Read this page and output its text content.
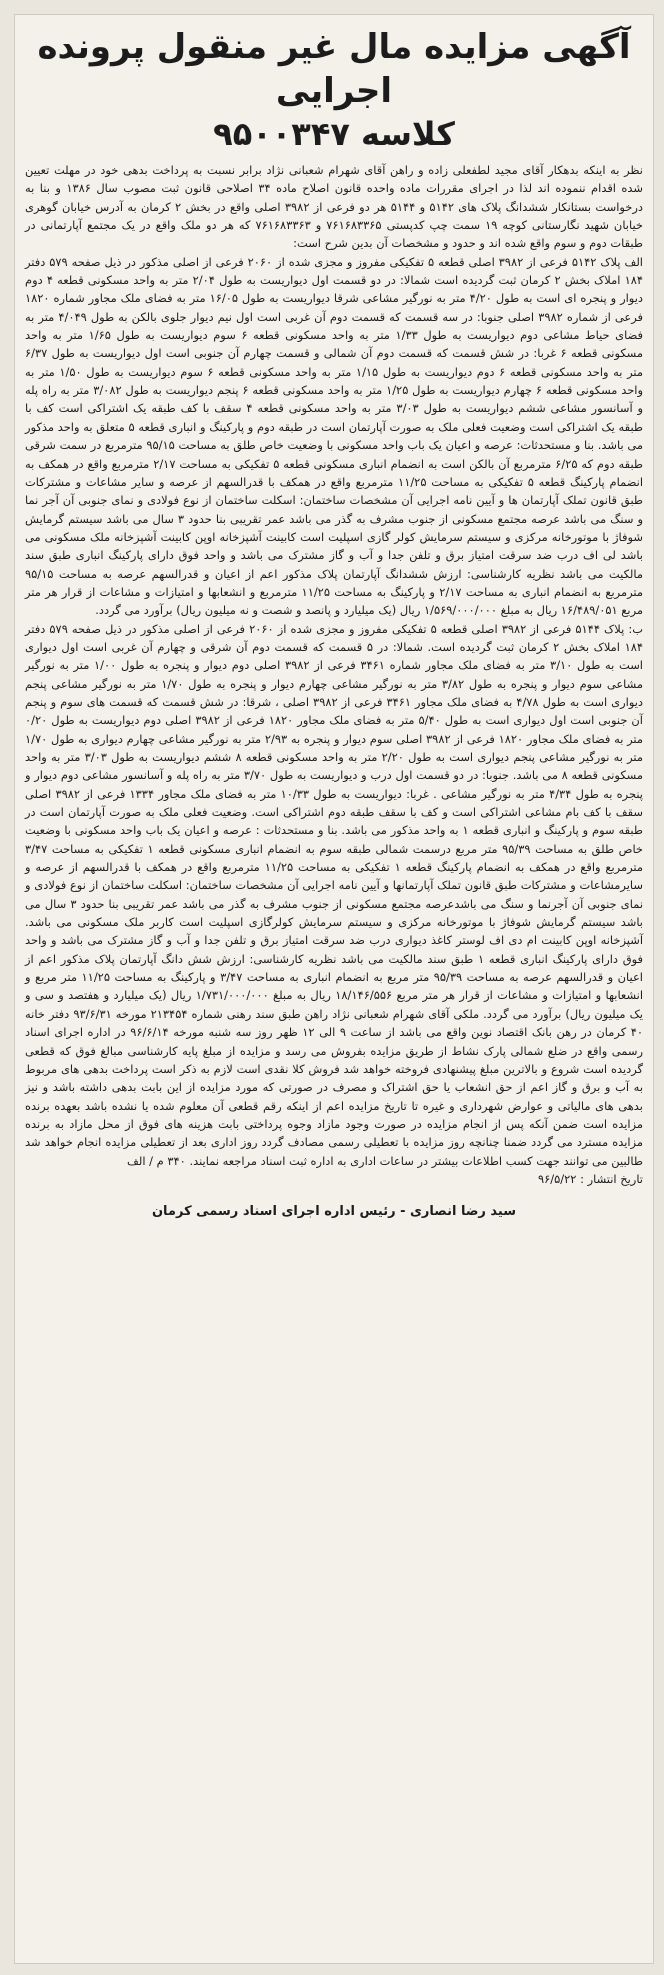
آگهی مزایده مال غیر منقول پرونده اجرایی
کلاسه ۹۵۰۰۳۴۷

نظر به اینکه بدهکار آقای مجید لطفعلی زاده و راهن آقای شهرام شعبانی نژاد برابر نسبت به پرداخت بدهی خود در مهلت تعیین شده اقدام ننموده اند لذا در اجرای مقررات ماده واحده قانون اصلاح ماده ۳۴ اصلاحی قانون ثبت مصوب سال ۱۳۸۶ و بنا به درخواست بستانکار ششدانگ پلاک های ۵۱۴۲ و ۵۱۴۴ هر دو فرعی از ۳۹۸۲ اصلی واقع در بخش ۲ کرمان به آدرس خیابان گوهری خیابان شهید نگارستانی کوچه ۱۹ سمت چپ کدپستی ۷۶۱۶۸۳۳۶۵ و ۷۶۱۶۸۳۳۶۳ که هر دو ملک واقع در یک مجتمع آپارتمانی در طبقات دوم و سوم واقع شده اند و حدود و مشخصات آن بدین شرح است:

الف پلاک ۵۱۴۲ فرعی از ۳۹۸۲ اصلی قطعه ۵ تفکیکی مفروز و مجزی شده از ۲۰۶۰ فرعی از اصلی مذکور در ذیل صفحه ۵۷۹ دفتر ۱۸۴ املاک بخش ۲ کرمان ثبت گردیده است شمالا: در دو قسمت اول دیواریست به طول ۲/۰۴ متر به واحد مسکونی قطعه ۴ دوم دیوار و پنجره ای است به طول ۴/۲۰ متر به نورگیر مشاعی شرقا دیواریست به طول ۱۶/۰۵ متر به فضای ملک مجاور شماره ۱۸۲۰ فرعی از شماره ۳۹۸۲ اصلی جنوبا: در سه قسمت که قسمت دوم آن غربی است اول نیم دیوار جلوی بالکن به طول ۴/۰۴۹ متر به فضای حیاط مشاعی دوم دیواریست به طول ۱/۳۳ متر به واحد مسکونی قطعه ۶ سوم دیواریست به طول ۱/۶۵ متر به واحد مسکونی قطعه ۶ غربا: در شش قسمت که قسمت دوم آن شمالی و قسمت چهارم آن جنوبی است اول دیواریست به طول ۶/۳۷ متر به واحد مسکونی قطعه ۶ دوم دیواریست به طول ۱/۱۵ متر به واحد مسکونی قطعه ۶ سوم دیواریست به طول ۱/۵۰ متر به واحد مسکونی قطعه ۶ چهارم دیواریست به طول ۱/۲۵ متر به واحد مسکونی قطعه ۶ پنجم دیواریست به طول ۳/۰۸۲ متر به راه پله و آسانسور مشاعی ششم دیواریست به طول ۳/۰۳ متر به واحد مسکونی قطعه ۴ سقف با کف طبقه یک اشتراکی است کف با طبقه یک اشتراکی است وضعیت فعلی ملک به صورت آپارتمان است در طبقه دوم و پارکینگ و انباری قطعه ۵ متعلق به واحد مذکور می باشد. بنا و مستحدثات: عرصه و اعیان یک باب واحد مسکونی با وضعیت خاص طلق به مساحت ۹۵/۱۵ مترمربع در سمت شرقی طبقه دوم که ۶/۲۵ مترمربع آن بالکن است به انضمام انباری مسکونی قطعه ۵ تفکیکی به مساحت ۲/۱۷ مترمربع واقع در همکف به انضمام پارکینگ قطعه ۵ تفکیکی به مساحت ۱۱/۲۵ مترمربع واقع در همکف با قدرالسهم از عرصه و سایر مشاعات و مشترکات طبق قانون تملک آپارتمان ها و آیین نامه اجرایی آن مشخصات ساختمان: اسکلت ساختمان از نوع فولادی و نمای جنوبی آن آجر نما و سنگ می باشد عرصه مجتمع مسکونی از جنوب مشرف به گذر می باشد عمر تقریبی بنا حدود ۳ سال می باشد سیستم گرمایش شوفاژ با موتورخانه مرکزی و سیستم سرمایش کولر گازی اسپلیت است کابینت آشپزخانه اوپن کابینت آشپزخانه ملک مسکونی می باشد لی اف درب ضد سرقت امتیاز برق و تلفن جدا و آب و گاز مشترک می باشد و واحد فوق دارای پارکینگ انباری طبق سند مالکیت می باشد نظریه کارشناسی: ارزش ششدانگ آپارتمان پلاک مذکور اعم از اعیان و قدرالسهم عرصه به مساحت ۹۵/۱۵ مترمربع به انضمام انباری به مساحت ۲/۱۷ و پارکینگ به مساحت ۱۱/۲۵ مترمربع و انشعابها و امتیازات و مشاعات از قرار هر متر مربع ۱۶/۴۸۹/۰۵۱ ریال به مبلغ ۱/۵۶۹/۰۰۰/۰۰۰ ریال (یک میلیارد و پانصد و شصت و نه میلیون ریال) برآورد می گردد.

ب: پلاک ۵۱۴۴ فرعی از ۳۹۸۲ اصلی قطعه ۵ تفکیکی مفروز و مجزی شده از ۲۰۶۰ فرعی از اصلی مذکور در ذیل صفحه ۵۷۹ دفتر ۱۸۴ املاک بخش ۲ کرمان ثبت گردیده است. شمالا: در ۵ قسمت که قسمت دوم آن شرقی و چهارم آن غربی است اول دیواری است به طول ۳/۱۰ متر به فضای ملک مجاور شماره ۳۴۶۱ فرعی از ۳۹۸۲ اصلی دوم دیوار و پنجره به طول ۱/۰۰ متر به نورگیر مشاعی سوم دیوار و پنجره به طول ۳/۸۲ متر به نورگیر مشاعی چهارم دیوار و پنجره به طول ۱/۷۰ متر به نورگیر مشاعی پنجم دیواری است به طول ۴/۷۸ به فضای ملک مجاور ۳۴۶۱ فرعی از ۳۹۸۲ اصلی ، شرقا: در شش قسمت که قسمت های سوم و پنجم آن جنوبی است اول دیواری است به طول ۵/۴۰ متر به فضای ملک مجاور ۱۸۲۰ فرعی از ۳۹۸۲ اصلی دوم دیواریست به طول ۰/۲۰ متر به فضای ملک مجاور ۱۸۲۰ فرعی از ۳۹۸۲ اصلی سوم دیوار و پنجره به ۲/۹۳ متر به نورگیر مشاعی چهارم دیواری به طول ۱/۷۰ متر به نورگیر مشاعی پنجم دیواری است به طول ۲/۲۰ متر به واحد مسکونی قطعه ۸ ششم دیواریست به طول ۳/۰۳ متر به واحد مسکونی قطعه ۸ می باشد. جنوبا: در دو قسمت اول درب و دیواریست به طول ۳/۷۰ متر به راه پله و آسانسور مشاعی دوم دیوار و پنجره به طول ۴/۳۴ متر به نورگیر مشاعی . غربا: دیواریست به طول ۱۰/۳۳ متر به فضای ملک مجاور ۱۳۳۴ فرعی از ۳۹۸۲ اصلی سقف با کف بام مشاعی اشتراکی است و کف با سقف طبقه دوم اشتراکی است. وضعیت فعلی ملک به صورت آپارتمان است در طبقه سوم و پارکینگ و انباری قطعه ۱ به واحد مذکور می باشد. بنا و مستحدثات : عرصه و اعیان یک باب واحد مسکونی با وضعیت خاص طلق به مساحت ۹۵/۳۹ متر مربع درسمت شمالی طبقه سوم به انضمام انباری مسکونی قطعه ۱ تفکیکی به مساحت ۳/۴۷ مترمربع واقع در همکف به انضمام پارکینگ قطعه ۱ تفکیکی به مساحت ۱۱/۲۵ مترمربع واقع در همکف با قدرالسهم از عرصه و سایرمشاعات و مشترکات طبق قانون تملک آپارتمانها و آیین نامه اجرایی آن مشخصات ساختمان: اسکلت ساختمان از نوع فولادی و نمای جنوبی آن آجرنما و سنگ می باشدعرصه مجتمع مسکونی از جنوب مشرف به گذر می باشد عمر تقریبی بنا حدود ۳ سال می باشد سیستم گرمایش شوفاژ با موتورخانه مرکزی و سیستم سرمایش کولرگازی اسپلیت است کاربر ملک مسکونی می باشد. آشپزخانه اوپن کابینت ام دی اف لوستر کاغذ دیواری درب ضد سرقت امتیاز برق و تلفن جدا و آب و گاز مشترک می باشد و واحد فوق دارای پارکینگ انباری قطعه ۱ طبق سند مالکیت می باشد نظریه کارشناسی: ارزش شش دانگ آپارتمان پلاک مذکور اعم از اعیان و قدرالسهم عرصه به مساحت ۹۵/۳۹ متر مربع به انضمام انباری به مساحت ۳/۴۷ و پارکینگ به مساحت ۱۱/۲۵ متر مربع و انشعابها و امتیازات و مشاعات از قرار هر متر مربع ۱۸/۱۴۶/۵۵۶ ریال به مبلغ ۱/۷۳۱/۰۰۰/۰۰۰ ریال (یک میلیارد و هفتصد و سی و یک میلیون ریال) برآورد می گردد. ملکی آقای شهرام شعبانی نژاد راهن طبق سند رهنی شماره ۲۱۳۴۵۴ مورخه ۹۳/۶/۳۱ دفتر خانه ۴۰ کرمان در رهن بانک اقتصاد نوین واقع می باشد از ساعت ۹ الی ۱۲ ظهر روز سه شنبه مورخه ۹۶/۶/۱۴ در اداره اجرای اسناد رسمی واقع در ضلع شمالی پارک نشاط از طریق مزایده بفروش می رسد و مزایده از مبلغ پایه کارشناسی مبالغ فوق که قطعی گردیده است شروع و بالاترین مبلغ پیشنهادی فروخته خواهد شد فروش کلا نقدی است لازم به ذکر است پرداخت بدهی های مربوط به آب و برق و گاز اعم از حق انشعاب یا حق اشتراک و مصرف در صورتی که مورد مزایده از این بابت بدهی داشته باشد و نیز بدهی های مالیاتی و عوارض شهرداری و غیره تا تاریخ مزایده اعم از اینکه رقم قطعی آن معلوم شده یا نشده باشد بعهده برنده مزایده است ضمن آنکه پس از انجام مزایده در صورت وجود مازاد وجوه پرداختی بابت هزینه های فوق از محل مازاد به برنده مزایده مسترد می گردد ضمنا چنانچه روز مزایده با تعطیلی رسمی مصادف گردد روز اداری بعد از تعطیلی مزایده انجام خواهد شد طالبین می توانند جهت کسب اطلاعات بیشتر در ساعات اداری به اداره ثبت اسناد مراجعه نمایند. ۳۴۰ م / الف

تاریخ انتشار : ۹۶/۵/۲۲
سید رضا انصاری - رئیس اداره اجرای اسناد رسمی کرمان
